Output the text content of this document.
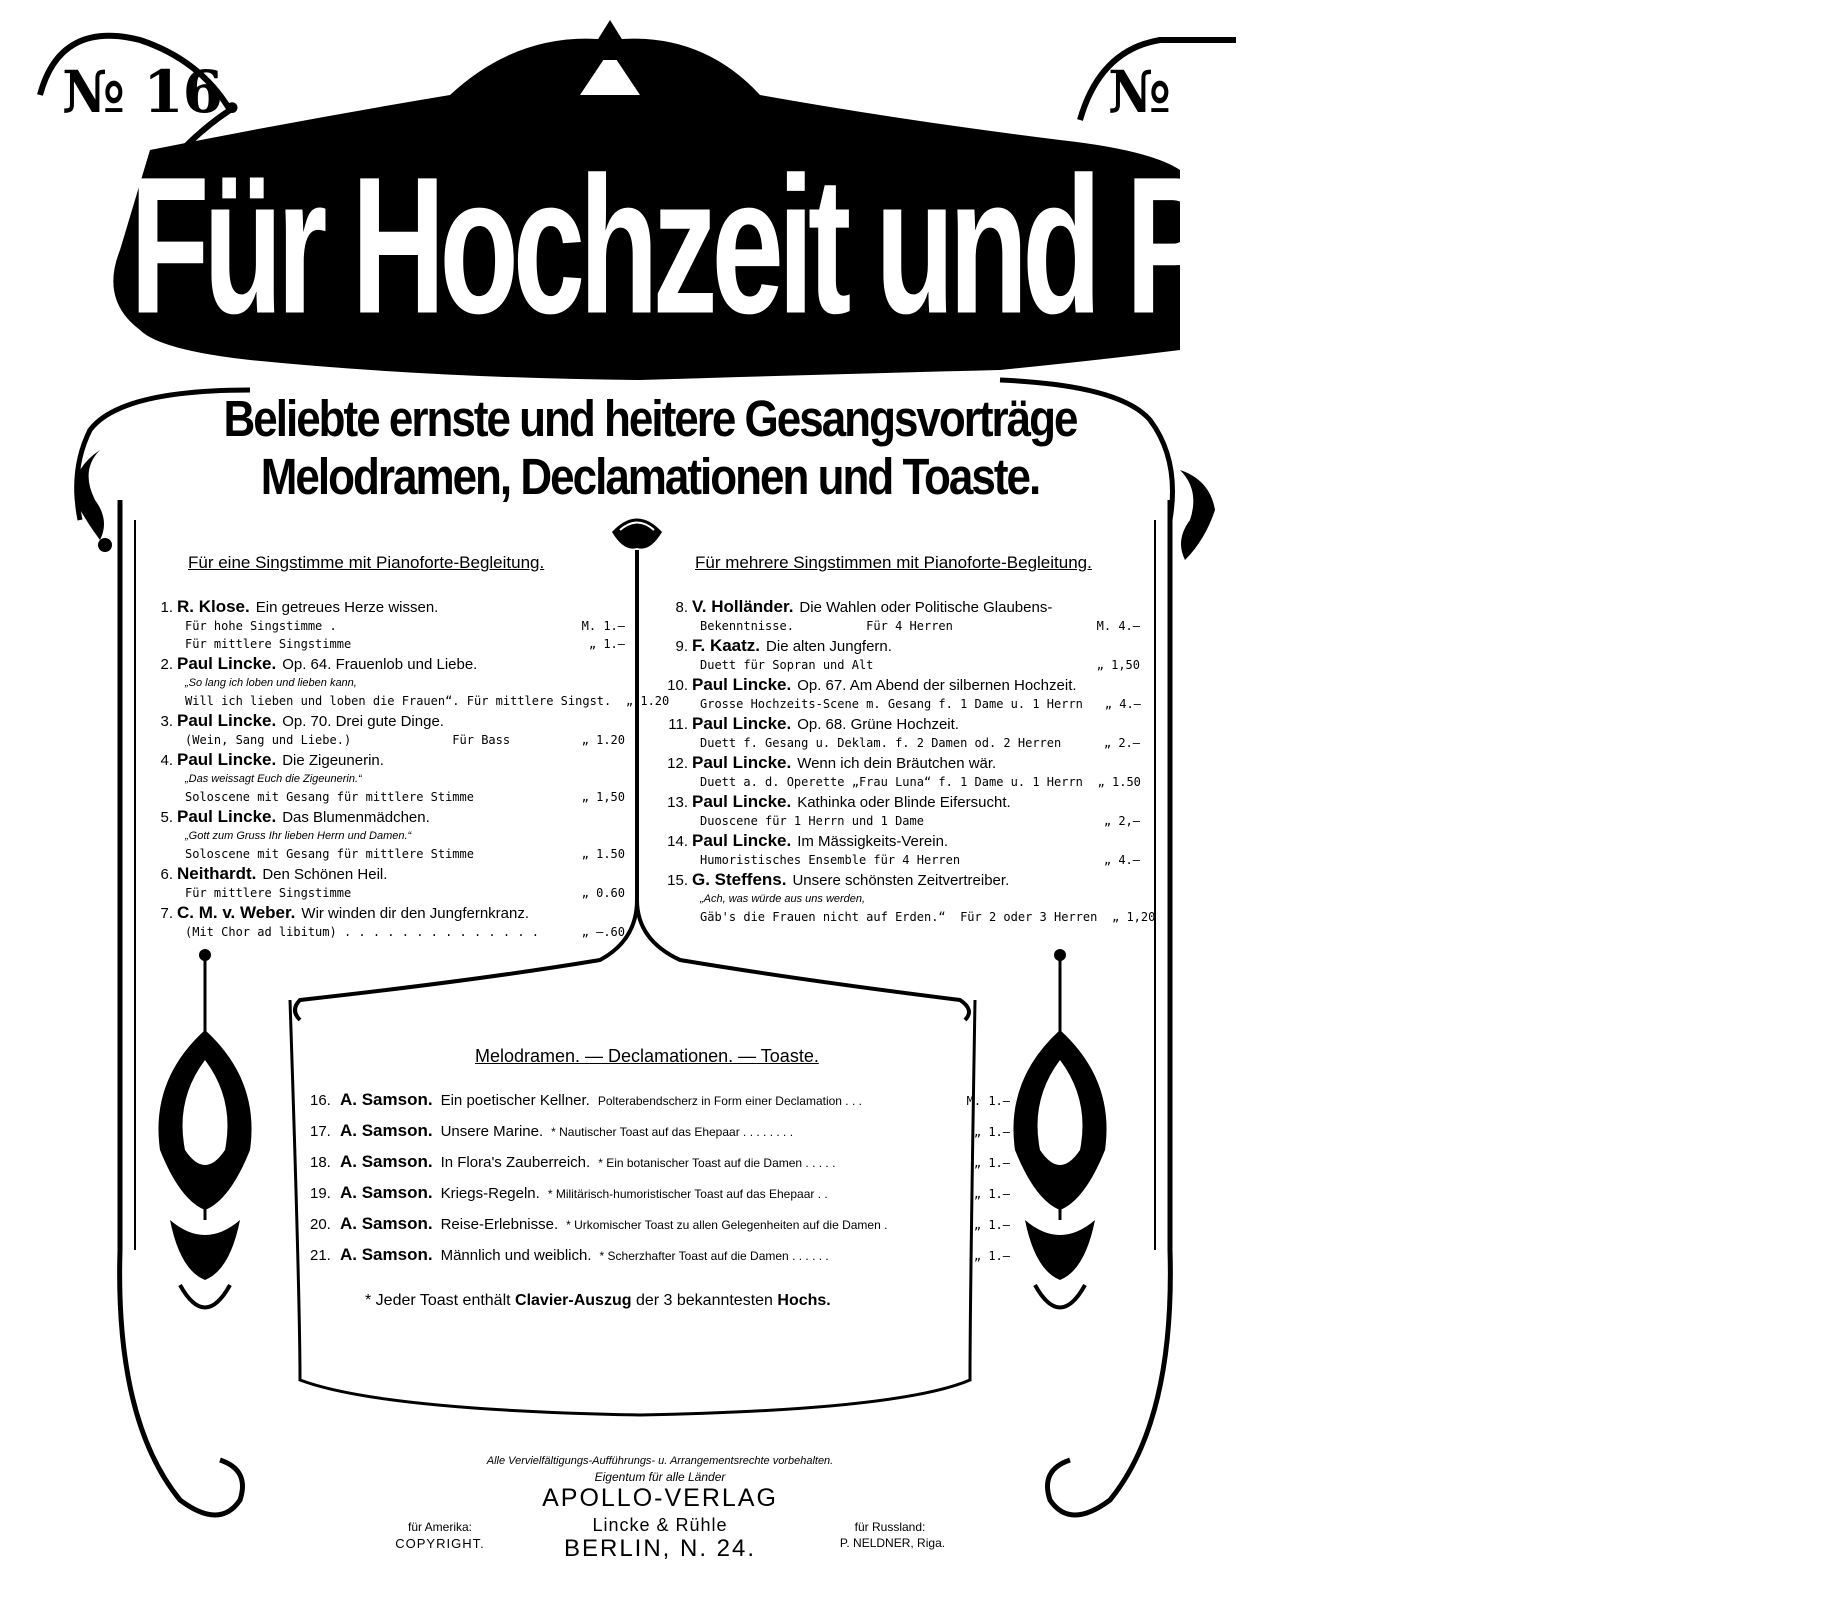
№ 16.	№
Für Hochzeit und Polterabend.
Beliebte ernste und heitere Gesangsvorträge
Melodramen, Declamationen und Toaste.
Für eine Singstimme mit Pianoforte-Begleitung.
1. R. Klose. Ein getreues Herze wissen.
Für hohe Singstimme .	M. 1.—
Für mittlere Singstimme	„ 1.—
2. Paul Lincke. Op. 64. Frauenlob und Liebe.
„So lang ich loben und lieben kann,
Will ich lieben und loben die Frauen“. Für mittlere Singst.	„ 1.20
3. Paul Lincke. Op. 70. Drei gute Dinge.
(Wein, Sang und Liebe.)              Für Bass	„ 1.20
4. Paul Lincke. Die Zigeunerin.
„Das weissagt Euch die Zigeunerin.“
Soloscene mit Gesang für mittlere Stimme	„ 1,50
5. Paul Lincke. Das Blumenmädchen.
„Gott zum Gruss Ihr lieben Herrn und Damen.“
Soloscene mit Gesang für mittlere Stimme	„ 1.50
6. Neithardt. Den Schönen Heil.
Für mittlere Singstimme	„ 0.60
7. C. M. v. Weber. Wir winden dir den Jungfernkranz.
(Mit Chor ad libitum) . . . . . . . . . . . . . .	„ —.60
Für mehrere Singstimmen mit Pianoforte-Begleitung.
8. V. Holländer. Die Wahlen oder Politische Glaubens-
Bekenntnisse.          Für 4 Herren	M. 4.—
9. F. Kaatz. Die alten Jungfern.
Duett für Sopran und Alt	„ 1,50
10. Paul Lincke. Op. 67. Am Abend der silbernen Hochzeit.
Grosse Hochzeits-Scene m. Gesang f. 1 Dame u. 1 Herrn	„ 4.—
11. Paul Lincke. Op. 68. Grüne Hochzeit.
Duett f. Gesang u. Deklam. f. 2 Damen od. 2 Herren	„ 2.—
12. Paul Lincke. Wenn ich dein Bräutchen wär.
Duett a. d. Operette „Frau Luna“ f. 1 Dame u. 1 Herrn	„ 1.50
13. Paul Lincke. Kathinka oder Blinde Eifersucht.
Duoscene für 1 Herrn und 1 Dame	„ 2,—
14. Paul Lincke. Im Mässigkeits-Verein.
Humoristisches Ensemble für 4 Herren	„ 4.—
15. G. Steffens. Unsere schönsten Zeitvertreiber.
„Ach, was würde aus uns werden,
Gäb's die Frauen nicht auf Erden.“  Für 2 oder 3 Herren	„ 1,20
Melodramen. — Declamationen. — Toaste.
16. A. Samson. Ein poetischer Kellner. Polterabendscherz in Form einer Declamation . . .	M. 1.—
17. A. Samson. Unsere Marine. * Nautischer Toast auf das Ehepaar . . . . . . . .	„ 1.—
18. A. Samson. In Flora's Zauberreich. * Ein botanischer Toast auf die Damen . . . . .	„ 1.—
19. A. Samson. Kriegs-Regeln. * Militärisch-humoristischer Toast auf das Ehepaar . .	„ 1.—
20. A. Samson. Reise-Erlebnisse. * Urkomischer Toast zu allen Gelegenheiten auf die Damen .	„ 1.—
21. A. Samson. Männlich und weiblich. * Scherzhafter Toast auf die Damen . . . . . .	„ 1.—
* Jeder Toast enthält Clavier-Auszug der 3 bekanntesten Hochs.
Alle Vervielfältigungs-Aufführungs- u. Arrangementsrechte vorbehalten.
Eigentum für alle Länder
APOLLO-VERLAG
Lincke & Rühle
BERLIN, N. 24.
für Amerika:
COPYRIGHT.
für Russland:
P. NELDNER, Riga.
